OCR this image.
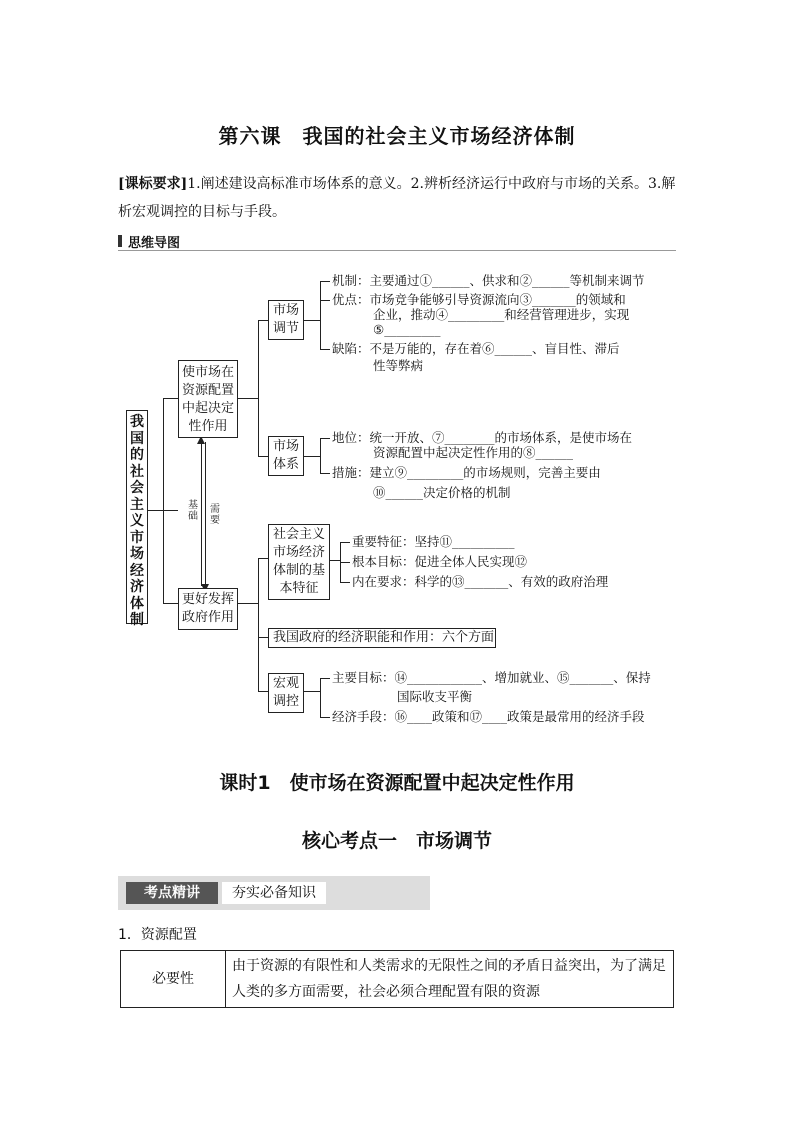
第六课　我国的社会主义市场经济体制
[课标要求]1.阐述建设高标准市场体系的意义。2.辨析经济运行中政府与市场的关系。3.解析宏观调控的目标与手段。
思维导图
基础
需要
我国的社会主义市场经济体制
使市场在资源配置中起决定性作用
更好发挥政府作用
市场调节
市场体系
社会主义市场经济体制的基本特征
我国政府的经济职能和作用：六个方面
宏观调控
机制：主要通过①______、供求和②______等机制来调节
优点：市场竞争能够引导资源流向③_______的领域和
企业，推动④_________和经营管理进步，实现
⑤_________
缺陷：不是万能的，存在着⑥______、盲目性、滞后
性等弊病
地位：统一开放、⑦________的市场体系，是使市场在
资源配置中起决定性作用的⑧______
措施：建立⑨_________的市场规则，完善主要由
⑩______决定价格的机制
重要特征：坚持⑪__________
根本目标：促进全体人民实现⑫
内在要求：科学的⑬_______、有效的政府治理
主要目标：⑭____________、增加就业、⑮_______、保持
国际收支平衡
经济手段：⑯____政策和⑰____政策是最常用的经济手段
课时1　使市场在资源配置中起决定性作用
核心考点一　市场调节
考点精讲	夯实必备知识
1．资源配置
必要性	由于资源的有限性和人类需求的无限性之间的矛盾日益突出，为了满足人类的多方面需要，社会必须合理配置有限的资源
